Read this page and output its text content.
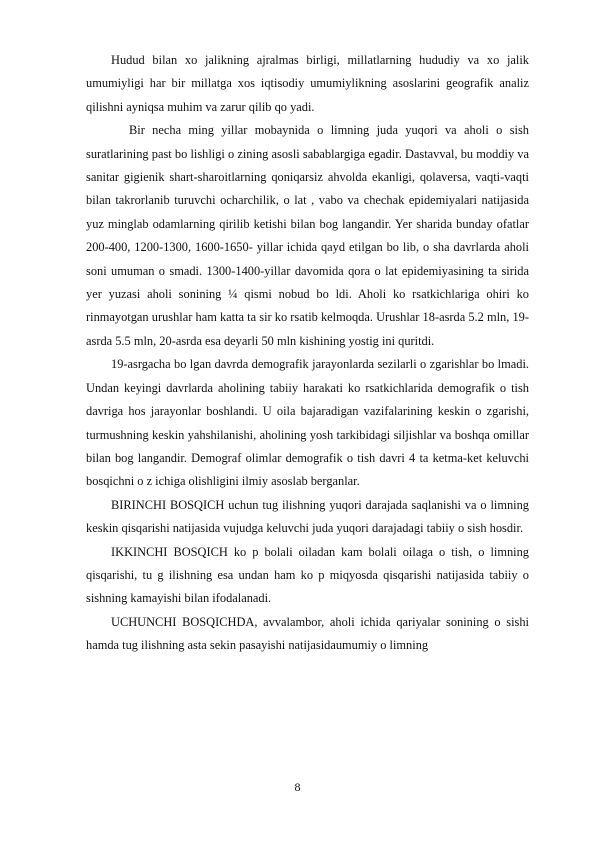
Hudud bilan xo jalikning ajralmas birligi, millatlarning hududiy va xo jalik umumiyligi har bir millatga xos iqtisodiy umumiylikning asoslarini geografik analiz qilishni ayniqsa muhim va zarur qilib qo yadi.

Bir necha ming yillar mobaynida o limning juda yuqori va aholi o sish suratlarining past bo lishligi o zining asosli sabablargiga egadir. Dastavval, bu moddiy va sanitar gigienik shart-sharoitlarning qoniqarsiz ahvolda ekanligi, qolaversa, vaqti-vaqti bilan takrorlanib turuvchi ocharchilik, o lat , vabo va chechak epidemiyalari natijasida yuz minglab odamlarning qirilib ketishi bilan bog langandir. Yer sharida bunday ofatlar 200-400, 1200-1300, 1600-1650- yillar ichida qayd etilgan bo lib, o sha davrlarda aholi soni umuman o smadi. 1300-1400-yillar davomida qora o lat epidemiyasining ta sirida yer yuzasi aholi sonining ¼ qismi nobud bo ldi. Aholi ko rsatkichlariga ohiri ko rinmayotgan urushlar ham katta ta sir ko rsatib kelmoqda. Urushlar 18-asrda 5.2 mln, 19-asrda 5.5 mln, 20-asrda esa deyarli 50 mln kishining yostig ini quritdi.

19-asrgacha bo lgan davrda demografik jarayonlarda sezilarli o zgarishlar bo lmadi. Undan keyingi davrlarda aholining tabiiy harakati ko rsatkichlarida demografik o tish davriga hos jarayonlar boshlandi. U oila bajaradigan vazifalarining keskin o zgarishi, turmushning keskin yahshilanishi, aholining yosh tarkibidagi siljishlar va boshqa omillar bilan bog langandir. Demograf olimlar demografik o tish davri 4 ta ketma-ket keluvchi bosqichni o z ichiga olishligini ilmiy asoslab berganlar.

BIRINCHI BOSQICH uchun tug ilishning yuqori darajada saqlanishi va o limning keskin qisqarishi natijasida vujudga keluvchi juda yuqori darajadagi tabiiy o sish hosdir.

IKKINCHI BOSQICH ko p bolali oiladan kam bolali oilaga o tish, o limning qisqarishi, tu g ilishning esa undan ham ko p miqyosda qisqarishi natijasida tabiiy o sishning kamayishi bilan ifodalanadi.

UCHUNCHI BOSQICHDA, avvalambor, aholi ichida qariyalar sonining o sishi hamda tug ilishning asta sekin pasayishi natijasidaumumiy o limning

8
